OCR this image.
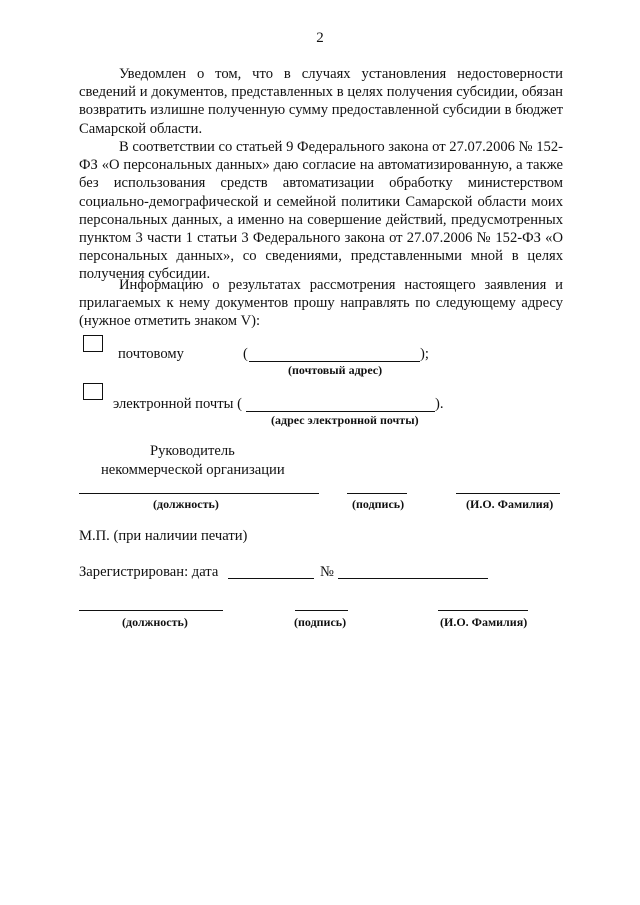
2
Уведомлен о том, что в случаях установления недостоверности сведений и документов, представленных в целях получения субсидии, обязан возвратить излишне полученную сумму предоставленной субсидии в бюджет Самарской области.
В соответствии со статьей 9 Федерального закона от 27.07.2006 № 152-ФЗ «О персональных данных» даю согласие на автоматизированную, а также без использования средств автоматизации обработку министерством социально-демографической и семейной политики Самарской области моих персональных данных, а именно на совершение действий, предусмотренных пунктом 3 части 1 статьи 3 Федерального закона от 27.07.2006 № 152-ФЗ «О персональных данных», со сведениями, представленными мной в целях получения субсидии.
Информацию о результатах рассмотрения настоящего заявления и прилагаемых к нему документов прошу направлять по следующему адресу (нужное отметить знаком V):
почтовому	(	);
(почтовый адрес)
электронной почты (	).
(адрес электронной почты)
Руководитель
некоммерческой организации
(должность)	(подпись)	(И.О. Фамилия)
М.П. (при наличии печати)
Зарегистрирован: дата	№
(должность)	(подпись)	(И.О. Фамилия)
